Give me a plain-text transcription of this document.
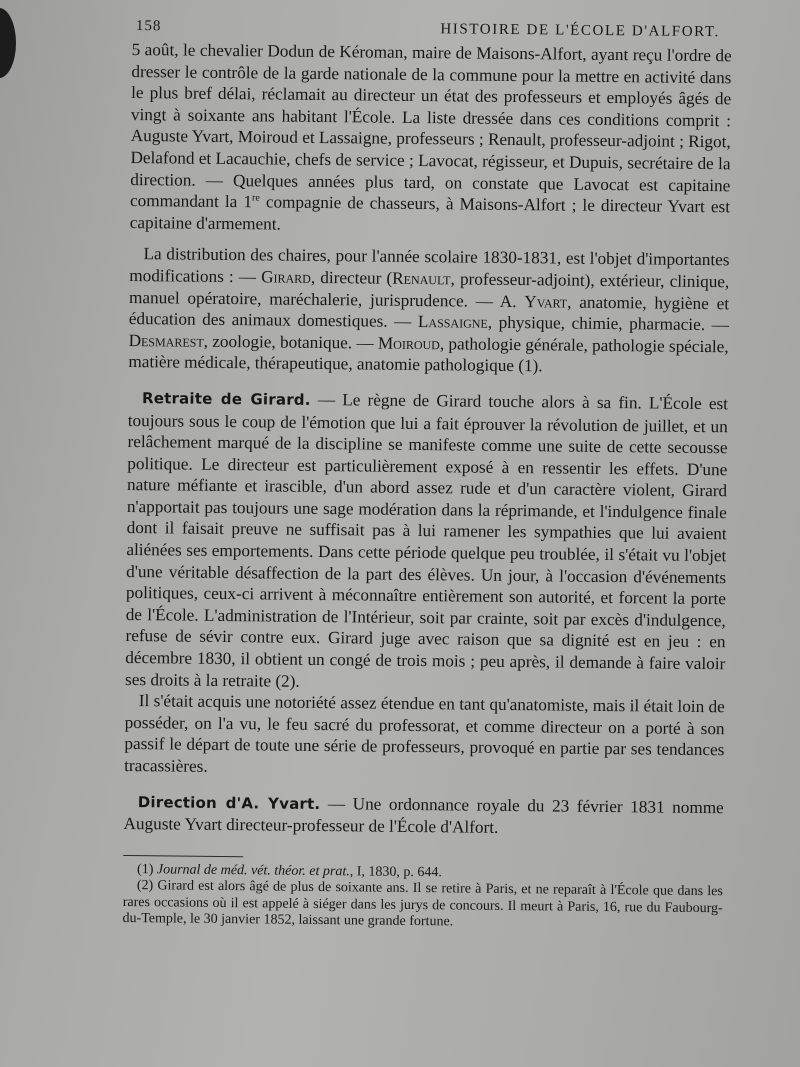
158	HISTOIRE DE L'ÉCOLE D'ALFORT.

5 août, le chevalier Dodun de Kéroman, maire de Maisons-Alfort, ayant reçu l'ordre de dresser le contrôle de la garde nationale de la commune pour la mettre en activité dans le plus bref délai, réclamait au directeur un état des professeurs et employés âgés de vingt à soixante ans habitant l'École. La liste dressée dans ces conditions comprit : Auguste Yvart, Moiroud et Lassaigne, professeurs ; Renault, professeur-adjoint ; Rigot, Delafond et Lacauchie, chefs de service ; Lavocat, régisseur, et Dupuis, secrétaire de la direction. — Quelques années plus tard, on constate que Lavocat est capitaine commandant la 1re compagnie de chasseurs, à Maisons-Alfort ; le directeur Yvart est capitaine d'armement.

La distribution des chaires, pour l'année scolaire 1830-1831, est l'objet d'importantes modifications : — Girard, directeur (Renault, professeur-adjoint), extérieur, clinique, manuel opératoire, maréchalerie, jurisprudence. — A. Yvart, anatomie, hygiène et éducation des animaux domestiques. — Lassaigne, physique, chimie, pharmacie. — Desmarest, zoologie, botanique. — Moiroud, pathologie générale, pathologie spéciale, matière médicale, thérapeutique, anatomie pathologique (1).

Retraite de Girard. — Le règne de Girard touche alors à sa fin. L'École est toujours sous le coup de l'émotion que lui a fait éprouver la révolution de juillet, et un relâchement marqué de la discipline se manifeste comme une suite de cette secousse politique. Le directeur est particulièrement exposé à en ressentir les effets. D'une nature méfiante et irascible, d'un abord assez rude et d'un caractère violent, Girard n'apportait pas toujours une sage modération dans la réprimande, et l'indulgence finale dont il faisait preuve ne suffisait pas à lui ramener les sympathies que lui avaient aliénées ses emportements. Dans cette période quelque peu troublée, il s'était vu l'objet d'une véritable désaffection de la part des élèves. Un jour, à l'occasion d'événements politiques, ceux-ci arrivent à méconnaître entièrement son autorité, et forcent la porte de l'École. L'administration de l'Intérieur, soit par crainte, soit par excès d'indulgence, refuse de sévir contre eux. Girard juge avec raison que sa dignité est en jeu : en décembre 1830, il obtient un congé de trois mois ; peu après, il demande à faire valoir ses droits à la retraite (2).

Il s'était acquis une notoriété assez étendue en tant qu'anatomiste, mais il était loin de posséder, on l'a vu, le feu sacré du professorat, et comme directeur on a porté à son passif le départ de toute une série de professeurs, provoqué en partie par ses tendances tracassières.

Direction d'A. Yvart. — Une ordonnance royale du 23 février 1831 nomme Auguste Yvart directeur-professeur de l'École d'Alfort.

(1) Journal de méd. vét. théor. et prat., I, 1830, p. 644.

(2) Girard est alors âgé de plus de soixante ans. Il se retire à Paris, et ne reparaît à l'École que dans les rares occasions où il est appelé à siéger dans les jurys de concours. Il meurt à Paris, 16, rue du Faubourg-du-Temple, le 30 janvier 1852, laissant une grande fortune.
